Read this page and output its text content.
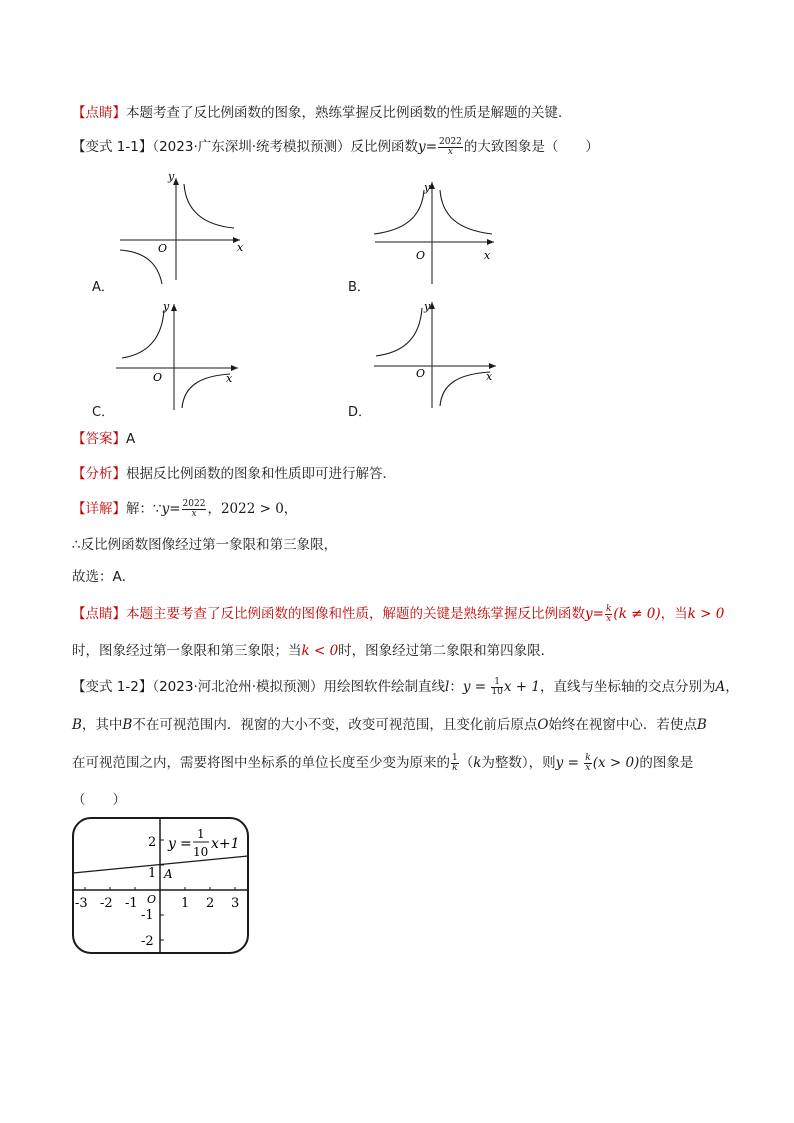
【点睛】本题考查了反比例函数的图象，熟练掌握反比例函数的性质是解题的关键．
【变式 1-1】（2023·广东深圳·统考模拟预测）反比例函数$y= \frac{2022}{x}$ 的大致图象是（　　）
y
x
O
A．
y
x
O
B．
y
x
O
C．
y
x
O
D．
【答案】A
【分析】根据反比例函数的图象和性质即可进行解答．
【详解】解：∵y= $\frac{2022}{x}$ ，2022 > 0，
∴反比例函数图像经过第一象限和第三象限，
故选：A．
【点睛】本题主要考查了反比例函数的图像和性质，解题的关键是熟练掌握反比例函数$y= \frac{k}{x} (k \ne 0)$，当k > 0
时，图象经过第一象限和第三象限；当k < 0时，图象经过第二象限和第四象限．
【变式 1-2】（2023·河北沧州·模拟预测）用绘图软件绘制直线l：$y = \frac{1}{10}$ x + 1，直线与坐标轴的交点分别为A，
B，其中B不在可视范围内．视窗的大小不变，改变可视范围，且变化前后原点O始终在视窗中心．若使点B
在可视范围之内，需要将图中坐标系的单位长度至少变为原来的 $\frac{1}{k} (k$为整数），则$y = \frac{k}{x} (x > 0)$的图象是
（　　）
-3 -2 -1	1 2 3
O
2
1
-1
-2
A
y =
1
10 x+1
